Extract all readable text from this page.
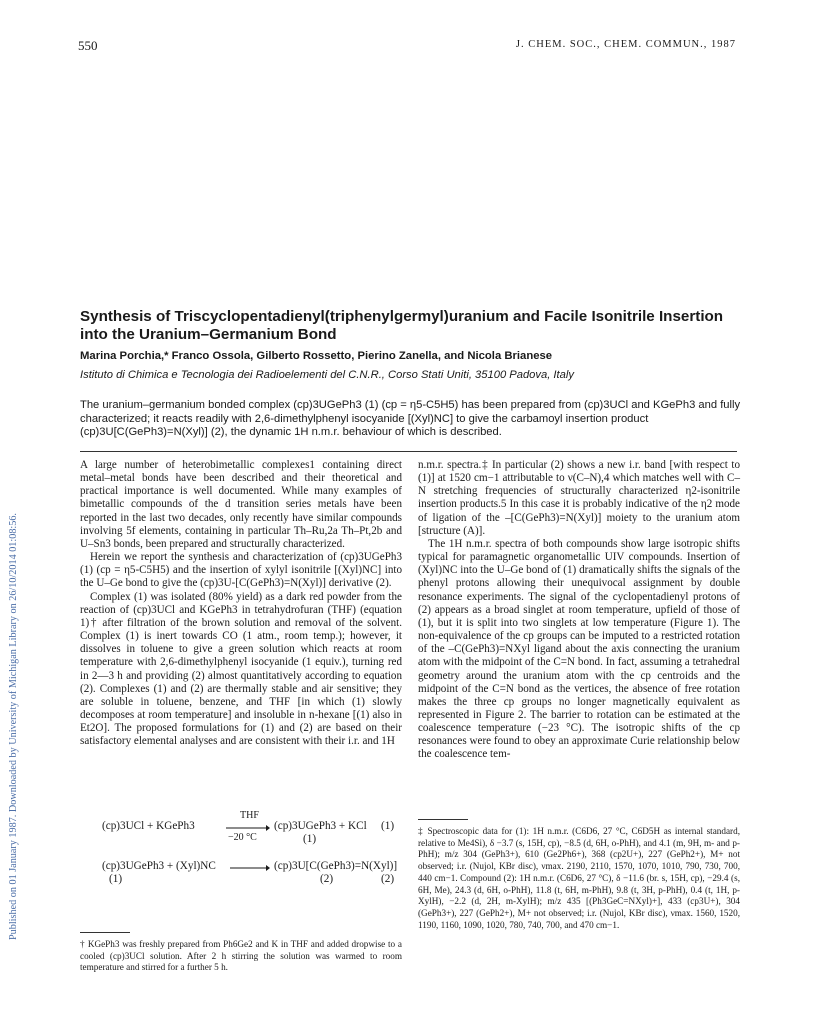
550	J. CHEM. SOC., CHEM. COMMUN., 1987
Published on 01 January 1987. Downloaded by University of Michigan Library on 26/10/2014 01:08:56.
Synthesis of Triscyclopentadienyl(triphenylgermyl)uranium and Facile Isonitrile Insertion into the Uranium–Germanium Bond
Marina Porchia,* Franco Ossola, Gilberto Rossetto, Pierino Zanella, and Nicola Brianese
Istituto di Chimica e Tecnologia dei Radioelementi del C.N.R., Corso Stati Uniti, 35100 Padova, Italy
The uranium–germanium bonded complex (cp)3UGePh3 (1) (cp = η5-C5H5) has been prepared from (cp)3UCl and KGePh3 and fully characterized; it reacts readily with 2,6-dimethylphenyl isocyanide [(Xyl)NC] to give the carbamoyl insertion product (cp)3U[C(GePh3)=N(Xyl)] (2), the dynamic 1H n.m.r. behaviour of which is described.

A large number of heterobimetallic complexes1 containing direct metal–metal bonds have been described and their theoretical and practical importance is well documented. While many examples of bimetallic compounds of the d transition series metals have been reported in the last two decades, only recently have similar compounds involving 5f elements, containing in particular Th–Ru,2a Th–Pt,2b and U–Sn3 bonds, been prepared and structurally characterized.

Herein we report the synthesis and characterization of (cp)3UGePh3 (1) (cp = η5-C5H5) and the insertion of xylyl isonitrile [(Xyl)NC] into the U–Ge bond to give the (cp)3U-[C(GePh3)=N(Xyl)] derivative (2).

Complex (1) was isolated (80% yield) as a dark red powder from the reaction of (cp)3UCl and KGePh3 in tetrahydrofuran (THF) (equation 1)† after filtration of the brown solution and removal of the solvent. Complex (1) is inert towards CO (1 atm., room temp.); however, it dissolves in toluene to give a green solution which reacts at room temperature with 2,6-dimethylphenyl isocyanide (1 equiv.), turning red in 2—3 h and providing (2) almost quantitatively according to equation (2). Complexes (1) and (2) are thermally stable and air sensitive; they are soluble in toluene, benzene, and THF [in which (1) slowly decomposes at room temperature] and insoluble in n-hexane [(1) also in Et2O]. The proposed formulations for (1) and (2) are based on their satisfactory elemental analyses and are consistent with their i.r. and 1H

n.m.r. spectra.‡ In particular (2) shows a new i.r. band [with respect to (1)] at 1520 cm−1 attributable to ν(C–N),4 which matches well with C–N stretching frequencies of structurally characterized η2-isonitrile insertion products.5 In this case it is probably indicative of the η2 mode of ligation of the –[C(GePh3)=N(Xyl)] moiety to the uranium atom [structure (A)].

The 1H n.m.r. spectra of both compounds show large isotropic shifts typical for paramagnetic organometallic UIV compounds. Insertion of (Xyl)NC into the U–Ge bond of (1) dramatically shifts the signals of the phenyl protons allowing their unequivocal assignment by double resonance experiments. The signal of the cyclopentadienyl protons of (2) appears as a broad singlet at room temperature, upfield of those of (1), but it is split into two singlets at low temperature (Figure 1). The non-equivalence of the cp groups can be imputed to a restricted rotation of the –C(GePh3)=NXyl ligand about the axis connecting the uranium atom with the midpoint of the C=N bond. In fact, assuming a tetrahedral geometry around the uranium atom with the cp centroids and the midpoint of the C=N bond as the vertices, the absence of free rotation makes the three cp groups no longer magnetically equivalent as represented in Figure 2. The barrier to rotation can be estimated at the coalescence temperature (−23 °C). The isotropic shifts of the cp resonances were found to obey an approximate Curie relationship below the coalescence tem-

(cp)3UCl + KGePh3
THF
−20 °C
(cp)3UGePh3 + KCl
(1)
(1)
(cp)3UGePh3 + (Xyl)NC
(1)
→ (cp)3U[C(GePh3)=N(Xyl)]
(2)	(2)
† KGePh3 was freshly prepared from Ph6Ge2 and K in THF and added dropwise to a cooled (cp)3UCl solution. After 2 h stirring the solution was warmed to room temperature and stirred for a further 5 h.
‡ Spectroscopic data for (1): 1H n.m.r. (C6D6, 27 °C, C6D5H as internal standard, relative to Me4Si), δ −3.7 (s, 15H, cp), −8.5 (d, 6H, o-PhH), and 4.1 (m, 9H, m- and p-PhH); m/z 304 (GePh3+), 610 (Ge2Ph6+), 368 (cp2U+), 227 (GePh2+), M+ not observed; i.r. (Nujol, KBr disc), νmax. 2190, 2110, 1570, 1070, 1010, 790, 730, 700, 440 cm−1. Compound (2): 1H n.m.r. (C6D6, 27 °C), δ −11.6 (br. s, 15H, cp), −29.4 (s, 6H, Me), 24.3 (d, 6H, o-PhH), 11.8 (t, 6H, m-PhH), 9.8 (t, 3H, p-PhH), 0.4 (t, 1H, p-XylH), −2.2 (d, 2H, m-XylH); m/z 435 [(Ph3GeC=NXyl)+], 433 (cp3U+), 304 (GePh3+), 227 (GePh2+), M+ not observed; i.r. (Nujol, KBr disc), νmax. 1560, 1520, 1190, 1160, 1090, 1020, 780, 740, 700, and 470 cm−1.
